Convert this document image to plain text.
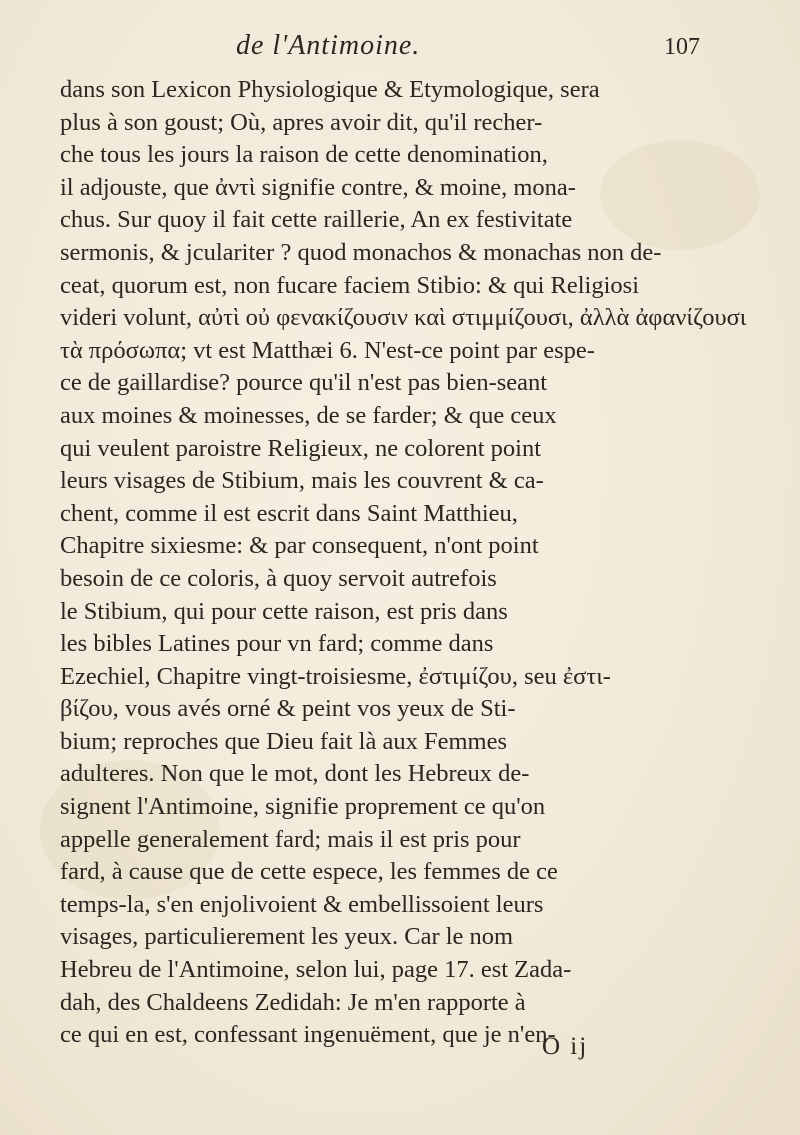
de l'Antimoine.	107
dans son Lexicon Physiologique & Etymologique, sera
plus à son goust; Où, apres avoir dit, qu'il recher-
che tous les jours la raison de cette denomination,
il adjouste, que ἀντὶ signifie contre, & moine, mona-
chus. Sur quoy il fait cette raillerie, An ex festivitate
sermonis, & jculariter ? quod monachos & monachas non de-
ceat, quorum est, non fucare faciem Stibio: & qui Religiosi
videri volunt, αὐτὶ οὐ φενακίζουσιν καὶ στιμμίζουσι, ἀλλὰ ἀφανίζουσι
τὰ πρόσωπα; vt est Matthæi 6. N'est-ce point par espe-
ce de gaillardise? pource qu'il n'est pas bien-seant
aux moines & moinesses, de se farder; & que ceux
qui veulent paroistre Religieux, ne colorent point
leurs visages de Stibium, mais les couvrent & ca-
chent, comme il est escrit dans Saint Matthieu,
Chapitre sixiesme: & par consequent, n'ont point
besoin de ce coloris, à quoy servoit autrefois
le Stibium, qui pour cette raison, est pris dans
les bibles Latines pour vn fard; comme dans
Ezechiel, Chapitre vingt-troisiesme, ἐστιμίζου, seu ἐστι-
βίζου, vous avés orné & peint vos yeux de Sti-
bium; reproches que Dieu fait là aux Femmes
adulteres. Non que le mot, dont les Hebreux de-
signent l'Antimoine, signifie proprement ce qu'on
appelle generalement fard; mais il est pris pour
fard, à cause que de cette espece, les femmes de ce
temps-la, s'en enjolivoient & embellissoient leurs
visages, particulierement les yeux. Car le nom
Hebreu de l'Antimoine, selon lui, page 17. est Zada-
dah, des Chaldeens Zedidah: Je m'en rapporte à
ce qui en est, confessant ingenuëment, que je n'en-
O ij
